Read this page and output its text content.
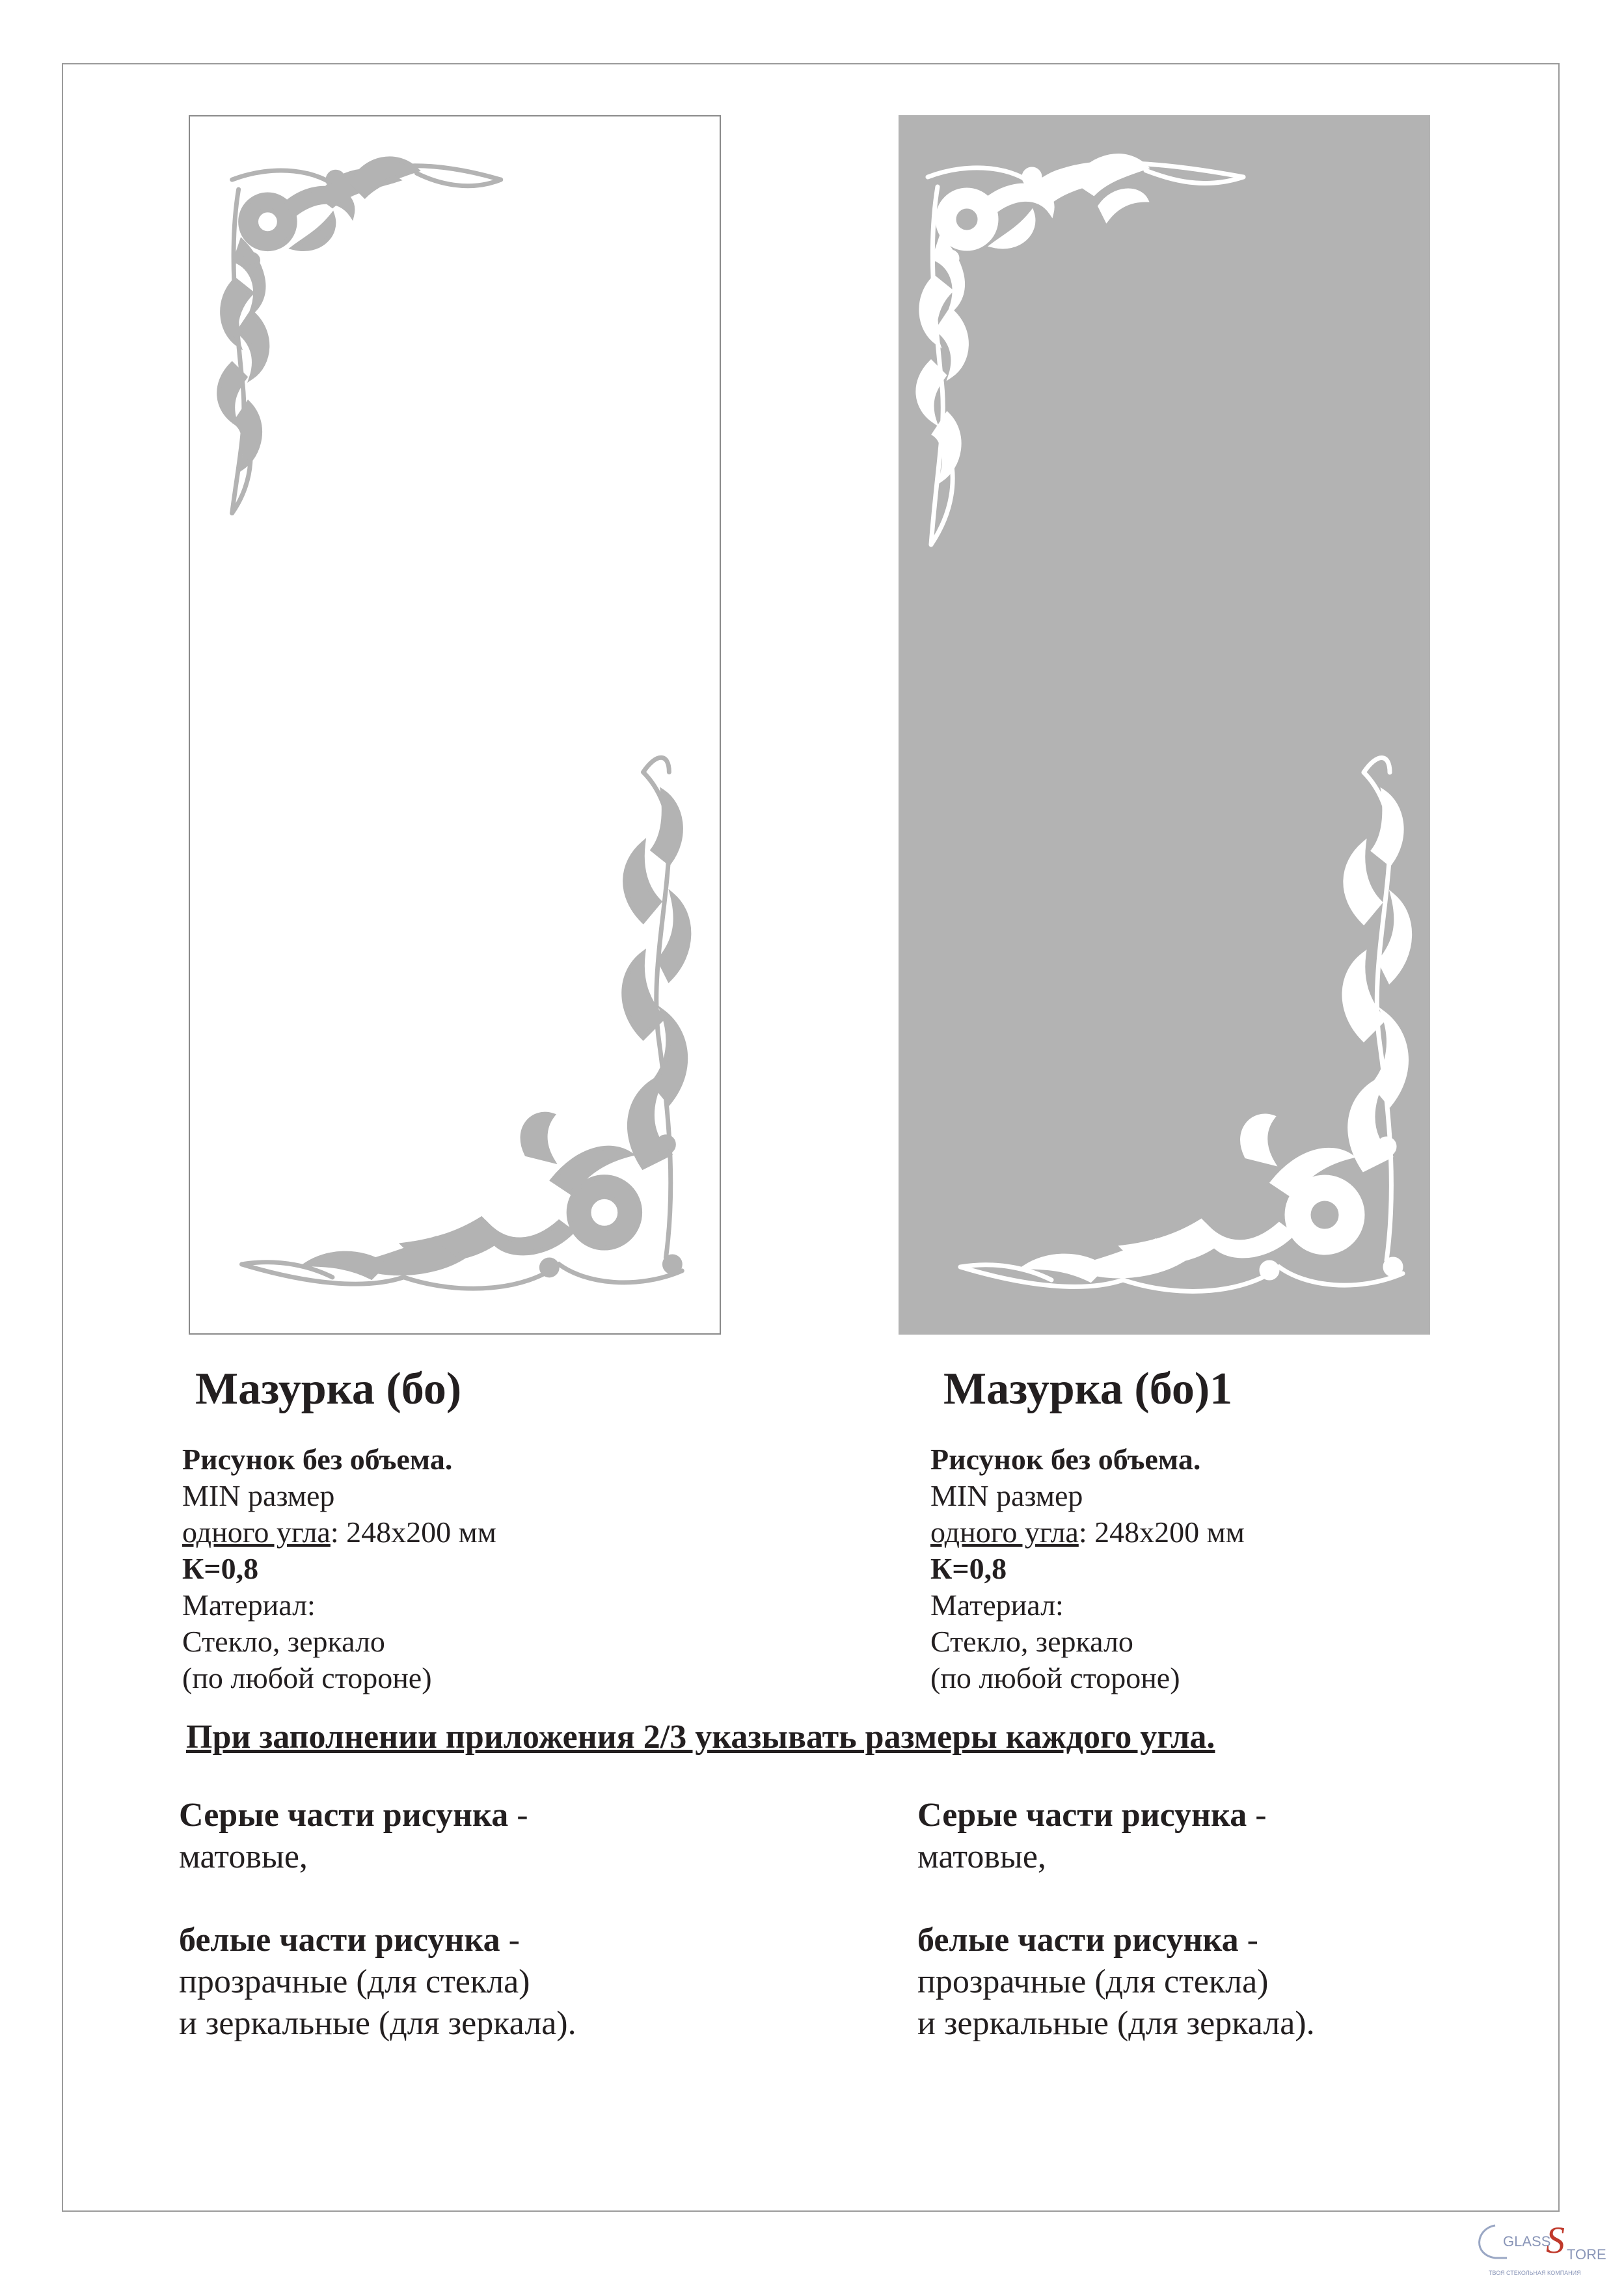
Мазурка (бо)	Мазурка (бо)1
Рисунок без объема.
MIN размер
одного угла: 248х200 мм
К=0,8
Материал:
Стекло, зеркало
(по любой стороне)
Рисунок без объема.
MIN размер
одного угла: 248х200 мм
К=0,8
Материал:
Стекло, зеркало
(по любой стороне)
При заполнении приложения 2/3 указывать размеры каждого угла.
Серые части рисунка -
матовые,
белые части рисунка -
прозрачные (для стекла)
и зеркальные (для зеркала).
Серые части рисунка -
матовые,
белые части рисунка -
прозрачные (для стекла)
и зеркальные (для зеркала).
GLASS
S TORE
ТВОЯ СТЕКОЛЬНАЯ КОМПАНИЯ
